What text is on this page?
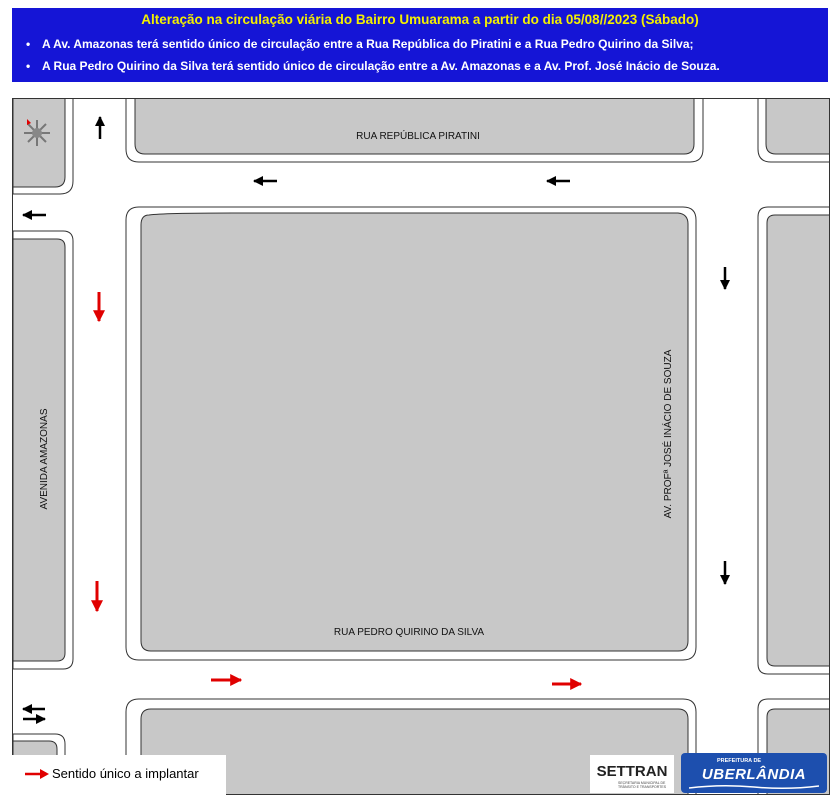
Alteração na circulação viária do Bairro Umuarama a partir do dia 05/08//2023 (Sábado)
• A Av. Amazonas terá sentido único de circulação entre a Rua República do Piratini e a Rua Pedro Quirino da Silva;
• A Rua Pedro Quirino da Silva terá sentido único de circulação entre a Av. Amazonas e a Av. Prof. José Inácio de Souza.
RUA REPÚBLICA PIRATINI
RUA PEDRO QUIRINO DA SILVA
AVENIDA AMAZONAS	AV. PROFª JOSÉ INÁCIO DE SOUZA
Sentido único a implantar	SETTRAN
SECRETARIA MUNICIPAL DE TRÂNSITO E TRANSPORTES
PREFEITURA DE
UBERLÂNDIA
